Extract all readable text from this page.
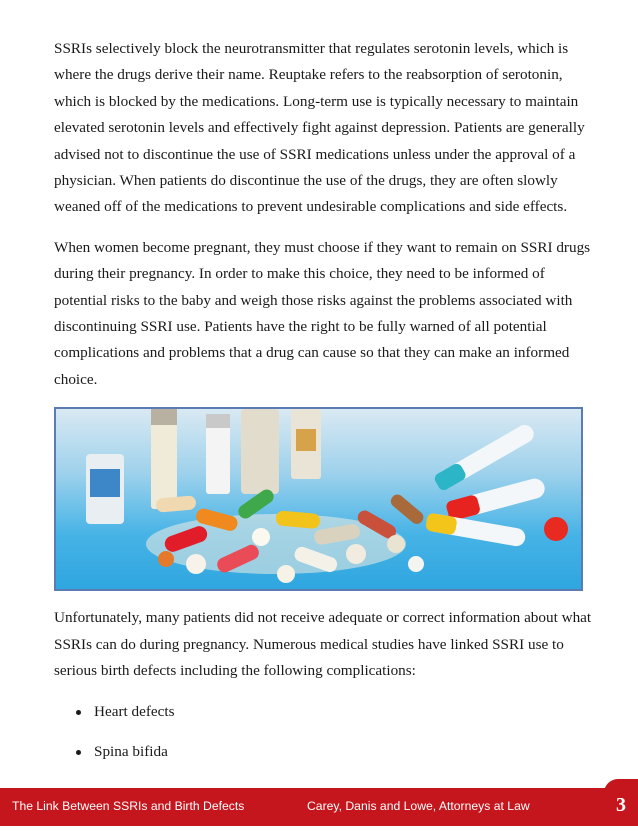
SSRIs selectively block the neurotransmitter that regulates serotonin levels, which is where the drugs derive their name. Reuptake refers to the reabsorption of serotonin, which is blocked by the medications. Long-term use is typically necessary to maintain elevated serotonin levels and effectively fight against depression. Patients are generally advised not to discontinue the use of SSRI medications unless under the approval of a physician. When patients do discontinue the use of the drugs, they are often slowly weaned off of the medications to prevent undesirable complications and side effects.

When women become pregnant, they must choose if they want to remain on SSRI drugs during their pregnancy. In order to make this choice, they need to be informed of potential risks to the baby and weigh those risks against the problems associated with discontinuing SSRI use. Patients have the right to be fully warned of all potential complications and problems that a drug can cause so that they can make an informed choice.

Unfortunately, many patients did not receive adequate or correct information about what SSRIs can do during pregnancy. Numerous medical studies have linked SSRI use to serious birth defects including the following complications:

Heart defects
Spina bifida
The Link Between SSRIs and Birth Defects	Carey, Danis and Lowe, Attorneys at Law	3
